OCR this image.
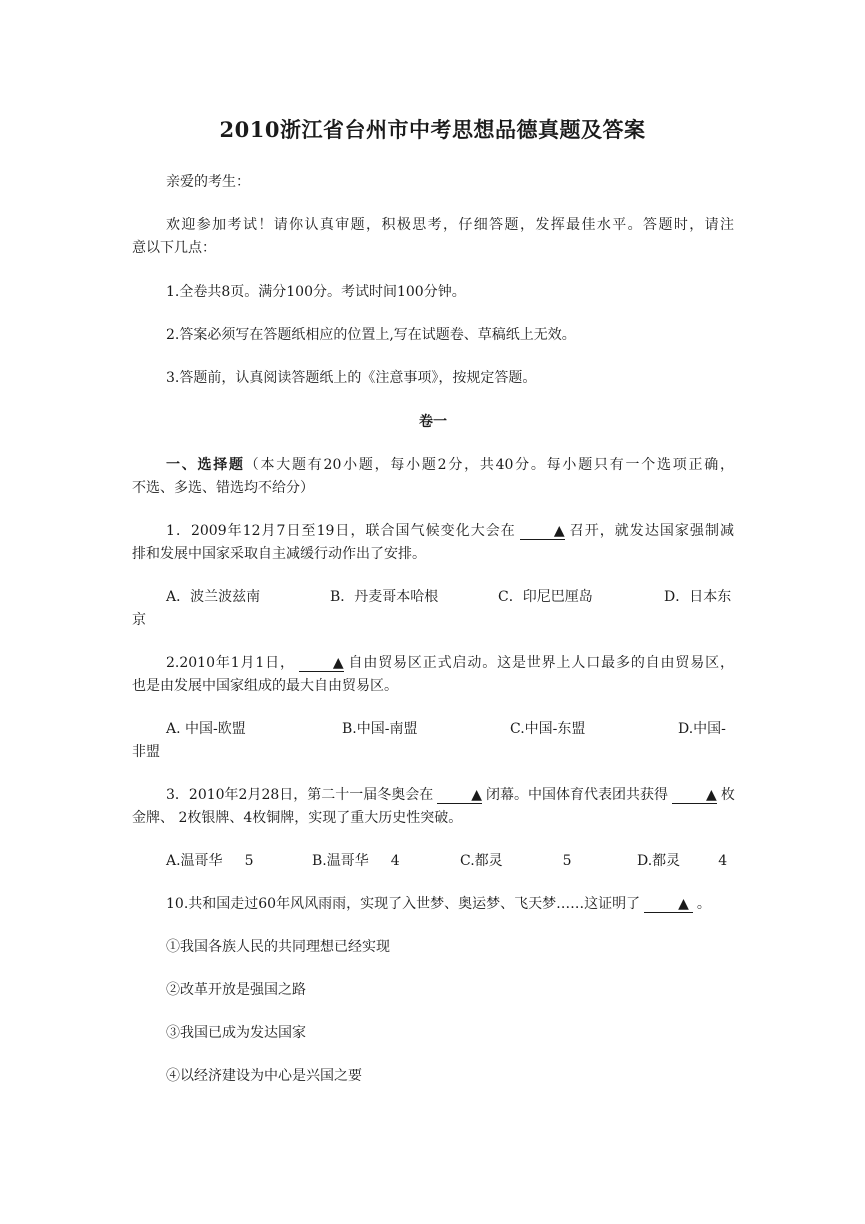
2010浙江省台州市中考思想品德真题及答案
亲爱的考生：
欢迎参加考试！请你认真审题，积极思考，仔细答题，发挥最佳水平。答题时，请注
意以下几点：
1.全卷共8页。满分100分。考试时间100分钟。
2.答案必须写在答题纸相应的位置上,写在试题卷、草稿纸上无效。
3.答题前，认真阅读答题纸上的《注意事项》，按规定答题。
卷一
一、选择题（本大题有20小题，每小题2分，共40分。每小题只有一个选项正确，
不选、多选、错选均不给分）
1．2009年12月7日至19日，联合国气候变化大会在	▲ 召开，就发达国家强制减
排和发展中国家采取自主减缓行动作出了安排。
A．波兰波兹南	B．丹麦哥本哈根	C．印尼巴厘岛	D．日本东
京
2.2010年1月1日，	▲ 自由贸易区正式启动。这是世界上人口最多的自由贸易区，
也是由发展中国家组成的最大自由贸易区。
A. 中国-欧盟	B.中国-南盟	C.中国-东盟	D.中国-
非盟
3．2010年2月28日，第二十一届冬奥会在	▲ 闭幕。中国体育代表团共获得	▲ 枚
金牌、 2枚银牌、4枚铜牌，实现了重大历史性突破。
A.温哥华 5	B.温哥华 4	C.都灵	5	D.都灵	4
10.共和国走过60年风风雨雨，实现了入世梦、奥运梦、飞天梦……这证明了	▲ 。
①我国各族人民的共同理想已经实现
②改革开放是强国之路
③我国已成为发达国家
④以经济建设为中心是兴国之要
